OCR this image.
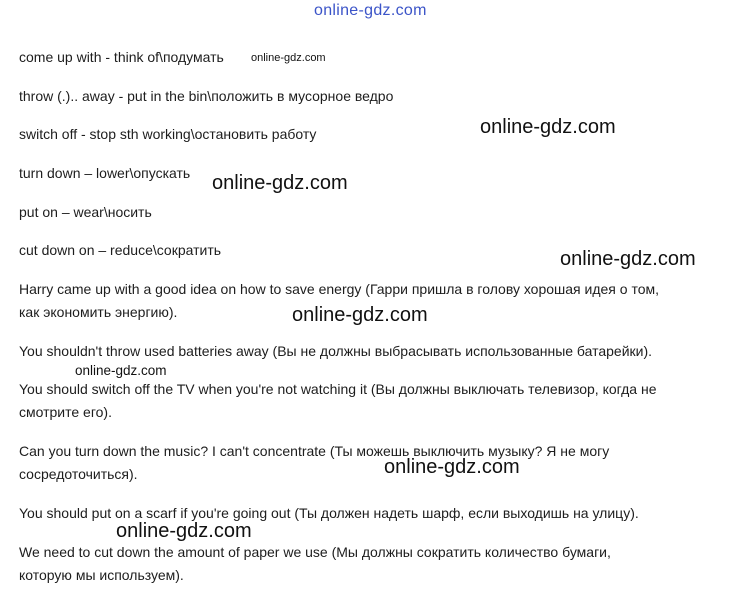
online-gdz.com
come up with - think of\подумать online-gdz.com
throw (.).. away - put in the bin\положить в мусорное ведро
switch off - stop sth working\остановить работу
turn down – lower\опускать
put on – wear\носить
cut down on – reduce\сократить
Harry came up with a good idea on how to save energy (Гарри пришла в голову хорошая идея о том,
как экономить энергию).
You shouldn't throw used batteries away (Вы не должны выбрасывать использованные батарейки).
You should switch off the TV when you're not watching it (Вы должны выключать телевизор, когда не
смотрите его).
Can you turn down the music? I can't concentrate (Ты можешь выключить музыку? Я не могу
сосредоточиться).
You should put on a scarf if you're going out (Ты должен надеть шарф, если выходишь на улицу).
We need to cut down the amount of paper we use (Мы должны сократить количество бумаги,
которую мы используем).
online-gdz.com
online-gdz.com
online-gdz.com
online-gdz.com
online-gdz.com
online-gdz.com
online-gdz.com
